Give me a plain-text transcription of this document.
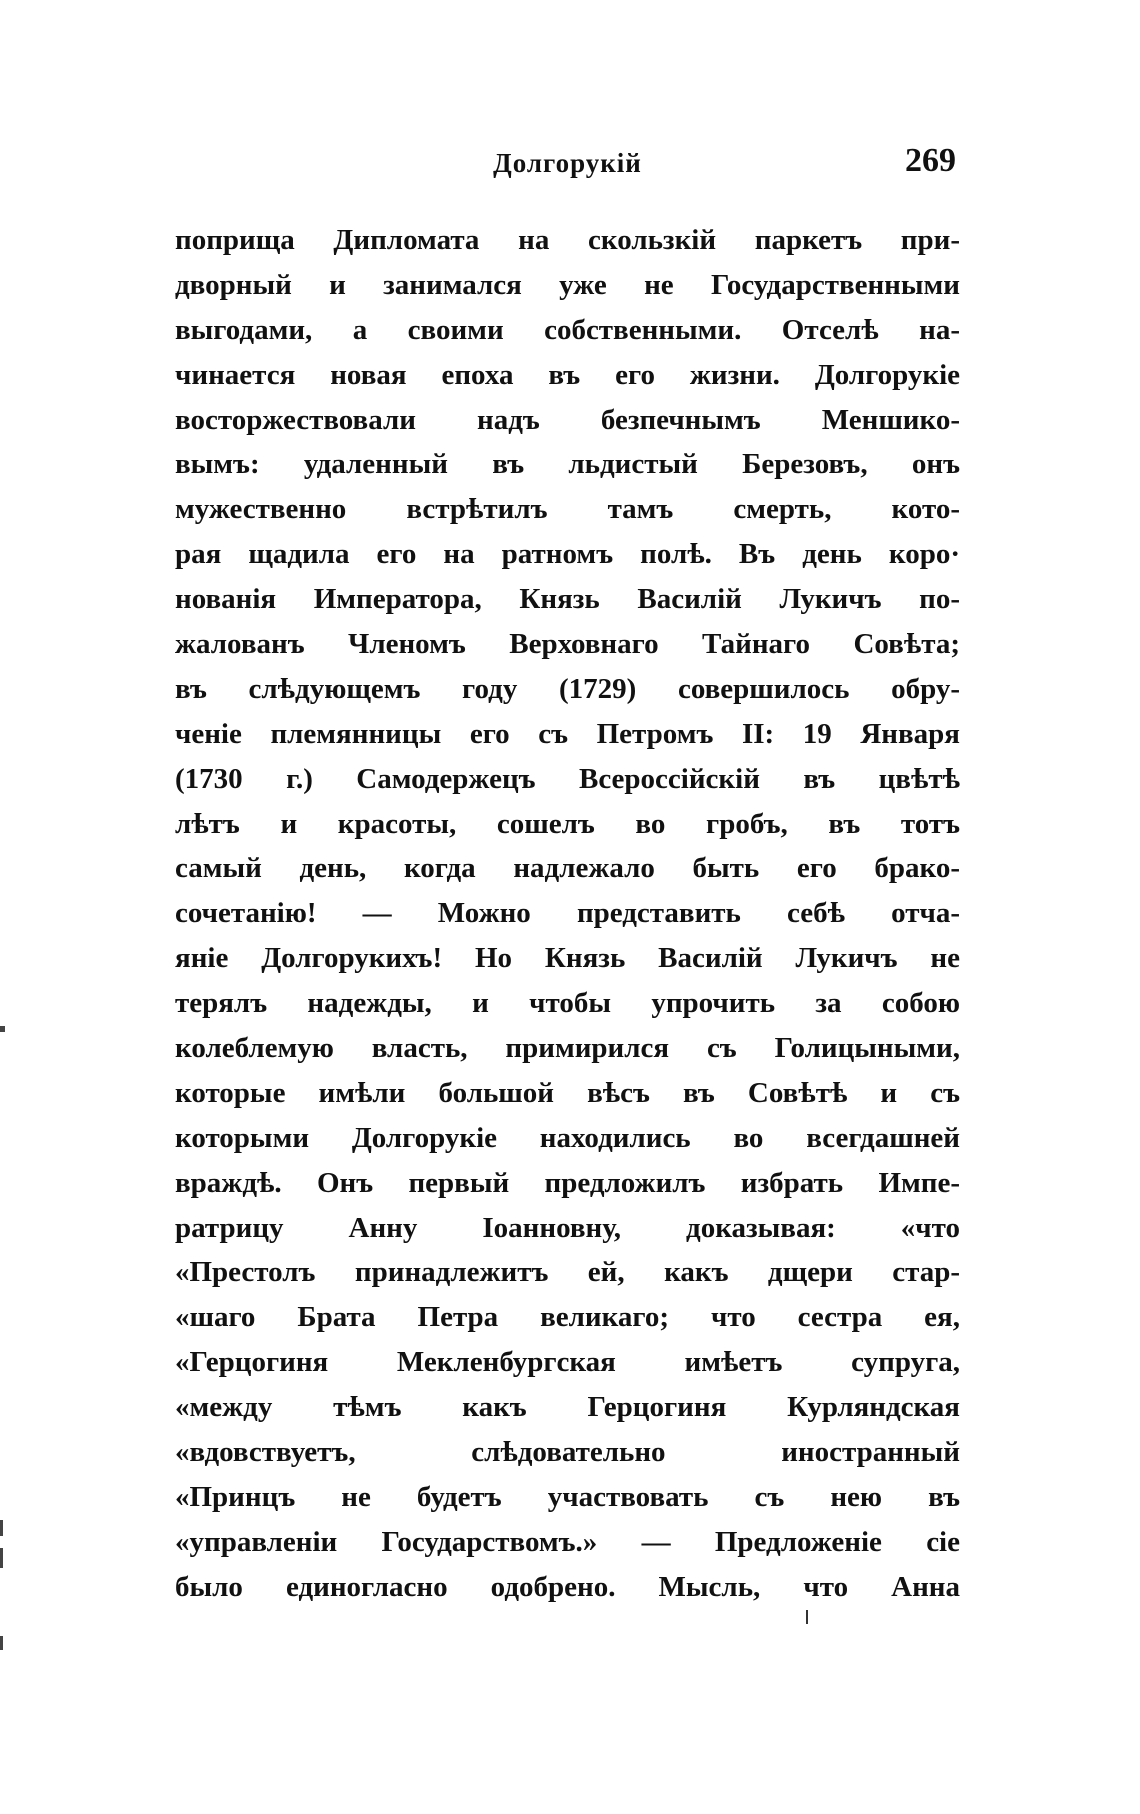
Долгорукій	269
поприща Дипломата на скользкій паркетъ при-
дворный и занимался уже не Государственными
выгодами, а своими собственными. Отселѣ на-
чинается новая епоха въ его жизни. Долгорукіе
восторжествовали надъ безпечнымъ Меншико-
вымъ: удаленный въ льдистый Березовъ, онъ
мужественно встрѣтилъ тамъ смерть, кото-
рая щадила его на ратномъ полѣ. Въ день коро·
нованія Императора, Князь Василій Лукичъ по-
жалованъ Членомъ Верховнаго Тайнаго Совѣта;
въ слѣдующемъ году (1729) совершилось обру-
ченіе племянницы его съ Петромъ II: 19 Января
(1730 г.) Самодержецъ Всероссійскій въ цвѣтѣ
лѣтъ и красоты, сошелъ во гробъ, въ тотъ
самый день, когда надлежало быть его брако-
сочетанію! — Можно представить себѣ отча-
яніе Долгорукихъ! Но Князь Василій Лукичъ не
терялъ надежды, и чтобы упрочить за собою
колеблемую власть, примирился съ Голицыными,
которые имѣли большой вѣсъ въ Совѣтѣ и съ
которыми Долгорукіе находились во всегдашней
враждѣ. Онъ первый предложилъ избрать Импе-
ратрицу Анну Іоанновну, доказывая: «что
«Престолъ принадлежитъ ей, какъ дщери стар-
«шаго Брата Петра великаго; что сестра ея,
«Герцогиня Мекленбургская имѣетъ супруга,
«между тѣмъ какъ Герцогиня Курляндская
«вдовствуетъ, слѣдовательно иностранный
«Принцъ не будетъ участвовать съ нею въ
«управленіи Государствомъ.» — Предложеніе сіе
было единогласно одобрено. Мысль, что Анна
